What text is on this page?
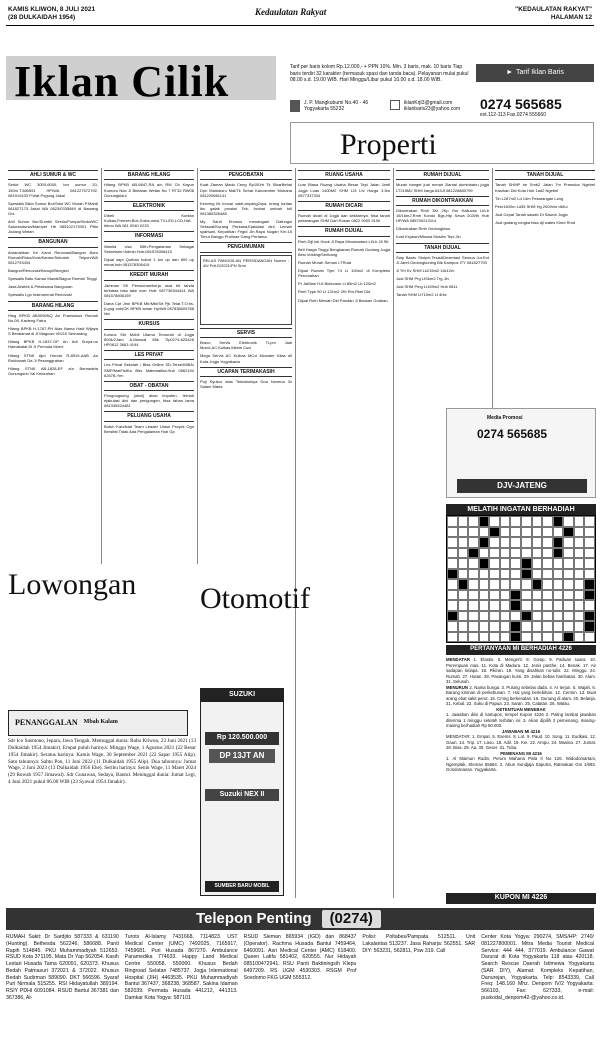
KAMIS KLIWON, 8 JULI 2021
(28 DULKAIDAH 1954)
Kedaulatan Rakyat	"KEDAULATAN RAKYAT"
HALAMAN 12
Iklan Cilik	Tarif per baris kolom Rp.12.000,- + PPN 10%. Min. 3 baris, mak. 10 baris Tiap baris terdiri 32 karakter (termasuk spasi dan tanda baca). Pelayanan mulai pukul 08.00 s.d. 19.00 WIB. Hari Minggu/Libur pukul 10.00 s.d. 18.00 WIB.
► Tarif Iklan Baris
J. P. Mangkubumi No.40 - 46 Yogyakarta 55232
iklanKrjt3@gmail.com iklanbaris23@yahoo.com	0274 565685
ext.112-113 Fax.0274 555660
Properti
AHLI SUMUR & WC
Sedot WC 3000-6000, bor sumur 20-150m.T.585591 HP/WA 081227572792. 081910433 P.Wat Pogung Jakal
Spesialis Bikin Sumur Bor/Sdot WC Murah P.Mardi 081827173 Jakal WA 0823/0335849 di Bawang Grs
Ahli Sumur Bor/Sumbli Servis/Pompa/SedotWC Salurandunia/Mampet Hb 085102173001 Pttin Jodang Wetan
BANGUNAN
Amanahkan Ke Kami Renovasi/Bangun Baru Rumah/Ruko/Kost/Kantor/Sekolah Telpon/WA 0812793434
Bangun/Renovasi/Kanopi/Bengkel
Spesialis Batu Kamar Mandi/Bagun Rumah Tinggi
Jasa Arsitek & Pelaksana Bangunan
Spesialis Lgn Instrumenal Renovasi
BARANG HILANG
Hlng BPKB AB3006NQ An Fransiskus Rumah No.08. Kavleng Fatra
Hilang BPKB H-1787-PH Alas Nama Hadi Wijaya S Beralamat di Jl Maguwo VIII/10 Semarang
Hilang BPKB H-1837-GP An Adi Surya-no Hamabalat Di Jl Pemuda Murni
Hilang STNK Ajm Honda R-8519-AAB An Rokhanah Da Jl Pesanggrahan
Hilang STNK AB-1828-EF a/n Bernadeta Gunungsrin Yai Kelurahan
BARANG HILANG
Hilang BPKB AB-6847-RA a/n RM Cb Kayun Kumoro Ndo Jl Bintaran Wetan No 7 RT32 RW08 Gunungkidul
ELEKTRONIK
Dibeli Kontan Kulkas,Freezer,Box,Sokis,mesi,TV,LED,LCD,Hat-lebon WA 081 0040 0233
INFORMASI
Wanita Usa 55th,Pengalaman Sebagai Sekretaris+Admin.Hub:081578306419
Dijual sapi Qurban bobot 1 ton up dan 800 up minat hub 081578306419
KREDIT MURAH
Jaminan SK Pensiunan/kerja usia blt tanda terbatas bisa take over Hub: 087736344441 WA 081578806159
Dana Cpt Jmn BPKB Mtr/Mbl/Srt Pjk Telat.T.O.bs.(Lgng cair)OK BPKB aman Hp/WA 087838609788 Ida
KURSUS
Kursus Stir Mobil Utama Temurah di Jogja 800k/2Jam A.Manual 85k Tlp0274-625426 HP0812 2663 4194
LES PRIVAT
Les Privat Sekolah / Bisa Online SD-Terse/IMBA/ SMP/MatFisIKa Bhs Matematika.Hub 0862194 6267B.Yen
OBAT - OBATAN
Pongongsong (obat) atasi impoten, ternah ejakulasi dini dan pengungen, bisa tahan lama 081335524481
PELUANG USAHA
Butuh Kandidat Team Leader Untuk Proyek Ogn Bersifat Tidak Ada Pengalaman Hub Gp
PENGOBATAN
Kuat Zaman Madu Ceng Rp100rb Tk SikarBehal Dpn Malioboro Mal/Tk Sehat Kanosmher Mubana 081229661141
Kencing Itk lnncar sakit,anyang2nya, krang tuntas ibu galak prostat Tek, brobat umbah toll 081385326488
My Santi Khusus menangani Dafungsi Seksual/Kurang Perkasa,Ejakulasi dini, Lemah syahwat, Keputihan Frigid Jln.Raya Nogan Km.15 Timur Bangjo Prolinae Gang Pertama.
PENGUMUMAN
RELAS PANGGILAN PERSIDANGAN Nomor : 40/ Pdt.G/2021/PN Smn
SERVIS
Bravo Servis Elektronik TLpm Jadi Mocci,AC,Kulkas,Mesin Cuci
Mega Servis AC Kulkas MCci Mcwater Kilas dll Kota Jogja Yogyakarta
UCAPAN TERIMAKASIH
Puji Syukur atas Terkabulnya Doa Novena 3x Salam Maria
RUANG USAHA
Luar Biasa Ruang Usaha Besar Tepi Jalan Jantl Jogja Luas 1400M2 SHM Lt3 Ltv Harga 3,5m 0877337334
RUMAH DICARI
Rumah dicari di Jogja dan sekitarnya, bisa tanah pekarangan SHM Dari Rosan 0822 9000 9100
RUMAH DIJUAL
Rmh Dijl lok Hook Jl Raya Minomartani Lt/Lb 2ll Stt
Bell Harga Tinggi Bengkanan Rumah Gudang Jogja Besi Volding/Seribang
Rumah Murah Seman LTRuta
Dijual Rumah Tipe 74 Lt 150m2 di Kompleks Perumahan
Pr JalMas H-6 Bulecatur Lt 85m2 Lb 120m2
Rmh Type 90 Lt 131m2 2Kt Rm,Rkel Dkt
Dijual Rmh Mewah Dkt Pandan Jl Bausan Godean
RUMAH DIJUAL
Murah banget jual rumah 2lantai duminbahu jogja LT215M2 SHM harga 643Jt 081226880799
RUMAH DIKONTRAKKAN
Dikontrakan Rmh 3Kt 2Kp Grs Hallucas Lt/Lb 16/16m2,Rmh Kondo Bgs,Htp Sewa 20Jt/th Hub HP/WA 085700213114
Dikontrakan Rmh Gedongkiwo
Kost Kryawn/Mhswa Muslim Tepi Jln
TANAH DIJUAL
Siap Bantu Skrlpel,Tesis&Desertasi Semua Jur.Ent Jl.Jaret.Gedongkuning Blk Kampus ITY 081827793
Jl Trh Kv SHM Lk215m2 18x12m
Jual SHM Prg LtSbm2 Trg Jln
Jual SHM Pmg Lt159m2 Hub 0811
Tanah SHM Lt710m2 Lt 4Ha
TANAH DIJUAL
Tanah SHMP ke Smb2 Jalan 7m Pramuka Ngebel Kasihan Dkt Kota Hub 1ad2 Ngebel
Tln L287m2 Ld 14m Pekarangan Lsng
Pekr1600m Ld35 SHM Hg 200Ih/m d6Ko
Jual Cepat Tanah sawah Di Sawon Jogja
Jual gudang rongka bisa djl wates Kimd Rmd
Media Promosi
0274 565685
DJV-JATENG
MELATIH INGATAN BERHADIAH
PERTANYAAN MI BERHADIAH 4226
MENDATAR 1. Elastis. 5. Mengerti. 8. Gosip. 9. Paduan suara. 10. Perempuan mas. 11. Kota di Madura. 12. Jenis panthe. 14. Benak. 17. Air sadapan kelapa. 18. Pikiran. 19. Yang disahkan no-tulis. 22. Minggu. 24. Rumah. 27. Hutan. 28. Pasangan kursi. 29. Jalan bebas hambatan. 30. Alam. 31. Selusuh.
MENURUN 2. Nama bunga. 3. Pulung sebelas dada. 4. Ar terjun. 5. Wajah. 6. Barang kiriman di perkebunan. 7. Hal yang berlebihan. 12. Cermin. 13. Buat arang obat sakit perut. 15. Cmng berkenalan. 16. Gunung di alam. 20. Belanja. 21. Kebal. 22. Suku di Papua. 23. Saran. 25. Catatan. 26. Walau.
KETENTUAN MENEBAK
1. Jawaban diisi di kartupos, tempel Kupon 4226 2. Paling lambat jawaban diterima 1 minggu setelah terbitan ini. 3. Akan dipilih 2 pemenang, masing-masing berhadiah Rp 50.000.
JAWABAN MI 4216
MENDATAR: 1. Empat. 5. Esems. 8. Lot. 9. Paud. 10. Song. 11. Eudkasi. 12. Gaun. 14. Trip. 17. Laso. 18. Adil. 19. Kei. 22. Ampu. 24. Masina. 27. Jumat. 28. Bisa. 29. Aa. 30. Geser. 31. Tuba.
PEMENANG MI 4216
1. Al Maimun Rudin, Perum Wahana Pisla II No 126. Widodomartani, Ngemplak, Sleman 55584. 2. Abun Sundjaja Saputra, Ratmakan Gm 1/693. Gondomanan. Yogyakarta.
KUPON MI 4226
Lowongan Otomotif
PENANGGALAN Mbah Kalam
Sdr Ico Susmono, Jepara, Jawa Tengah. Memuggal dunia: Rabu Kliwon, 23 Juni 2021 (13 Dulkaidah 1954 Jimakir). Empat puluh harinya: Minggu Wage, 1 Agustus 2021 (22 Besar 1954 Jimakir). Seratus harinya: Kamis Wage, 30 September 2021 (22 Sapar 1955 Alip). Satu tahunnya: Sabtu Pon, 11 Juni 2022 (11 Dulkaidah 1955 Alip). Dua tahunnya: Jumat Wage, 2 Juni 2023 (13 Dulkaidah 1956 Ehe). Seribu harinya: Senin Wage, 11 Maret 2024 (29 Ruwah 1957 Jimawal). Sdr Gunawan, Sedayu, Bantul. Meninggal dunia: Jumat Legi, 4 Juni 2021 pukul 06.00 WIB (23 Syawal 1954 Jimakir).
SUZUKI
Rp 120.500.000
DP 13JT AN
Suzuki NEX II
SUMBER BARU MOBIL
Telepon Penting	(0274)
RUMAH Sakit: Dr Sardjito 587333 & 631190 (Hunting). Bethesda 562246, 586688. Panti Rapih 514845. PKU Muhammadiyah 512653. RSUD Kota 371195. Mata Dr Yap 562054. Kasih Lestari Husada Tama 620091, 620373. Khusus Bedah Patmasuri 372021 & 372022. Khusus Bedah Sudirman 589090. DKT 566596. Syaraf Puri Nirmala 515255. RSI Hidayatullah 389194. RSIY PDHI 6091084. RSUD Bantul 367381 dan 367386, Al-
Turots Al-Islamy 7431668, 7114823. UST Medical Center (UMC) 7492025, 7165917, 7459681. Puri Husada 867270. Ambulance Paramedika 774633. Happy Land Medical Centre 550058, 550060. Khusus Bedah Ringroad Selatan 7485737. Jogja International Hospital (JIH) 4463535. PKU Muhammadiyah Bantul 367437, 368238, 368587. Sakina Idaman 582039. Permata Husada 441212, 441313. Damkar Kota Yogya: 587101
RSUD Sleman 865934 (IGD) dan 868437 (Operator). Rachma Husada Bantul 7459464, 6460091. Asri Medical Center (AMC) 618400. Queen Latifa 581402, 620555. Nur Hidayah 085100472941. RSU Panti Baktiningsih Klepu 6497209. RS UGM 4530303. RSGM Prof Soedomo FKG UGM 555312.
Polisi: Poltabes/Pampata 512511. Unit Lakalantas 513237. Jasa Raharja: 562551. SAR DIY: 563231, 562811, Psw 319. Call
Center Kota Yogya: 290274, SMS/HP: 2740/ 081227800001. Mitra Media Tourist Medical Service: 444 444, 377019. Ambulance Gawat Darurat di Kota Yogyakarta 118 atau 420118. Search Rescue Daerah Istimewa Yogyakarta (SAR DIY), Alamat: Kompleks Kepatihan, Danurejan, Yogyakarta. Telp: 8543339, Call Freq: 148.160 Mhz. Denpom IV/2 Yogyakarta: 566103, Fax: 627333, e-mail: puskodal_denpom42-@yahoo.co.id.
